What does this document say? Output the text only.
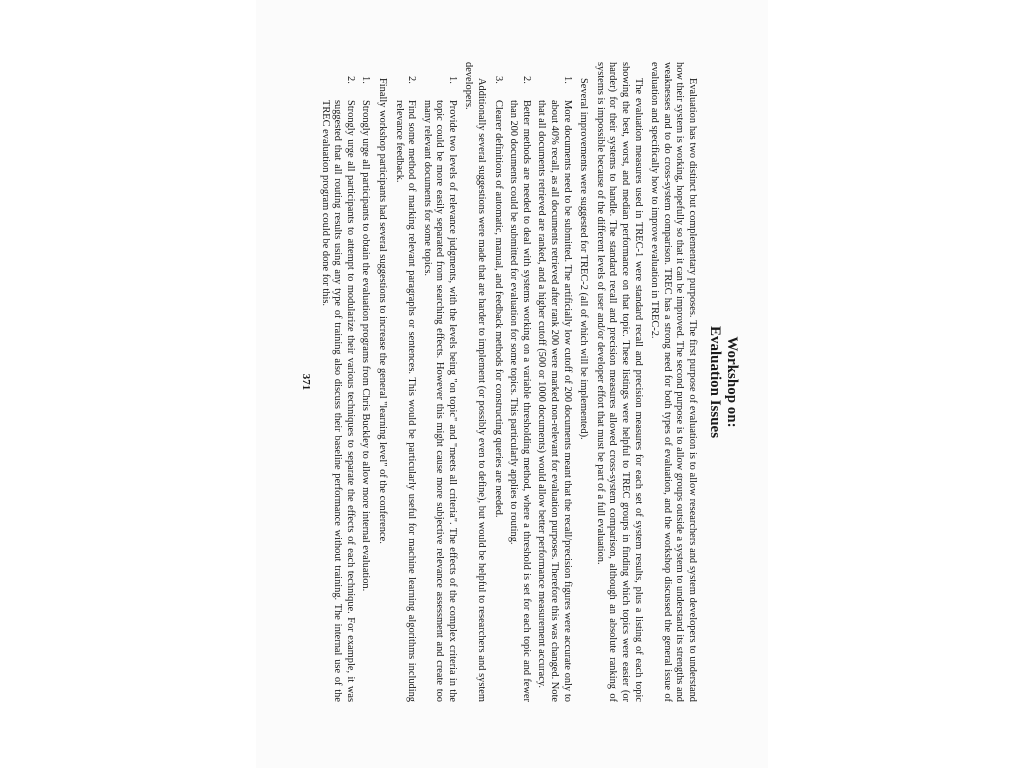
Workshop on:
Evaluation Issues

Evaluation has two distinct but complementary purposes. The first purpose of evaluation is to allow researchers and system developers to understand how their system is working, hopefully so that it can be improved. The second purpose is to allow groups outside a system to understand its strengths and weaknesses and to do cross-system comparison. TREC has a strong need for both types of evaluation, and the workshop discussed the general issue of evaluation and specifically how to improve evaluation in TREC-2.

The evaluation measures used in TREC-1 were standard recall and precision measures for each set of system results, plus a listing of each topic showing the best, worst, and median performance on that topic. These listings were helpful to TREC groups in finding which topics were easier (or harder) for their systems to handle. The standard recall and precision measures allowed cross-system comparison, although an absolute ranking of systems is impossible because of the different levels of user and/or developer effort that must be part of a full evaluation.

Several improvements were suggested for TREC-2 (all of which will be implemented).

1.
More documents need to be submitted. The artificially low cutoff of 200 documents meant that the recall/precision figures were accurate only to about 40% recall, as all documents retrieved after rank 200 were marked non-relevant for evaluation purposes. Therefore this was changed. Note that all documents retrieved are ranked, and a higher cutoff (500 or 1000 documents) would allow better performance measurement accuracy.
2.
Better methods are needed to deal with systems working on a variable thresholding method, where a threshold is set for each topic and fewer than 200 documents could be submitted for evaluation for some topics. This particularly applies to routing.
3.
Clearer definitions of automatic, manual, and feedback methods for constructing queries are needed.

Additionally several suggestions were made that are harder to implement (or possibly even to define), but would be helpful to researchers and system developers.

1.
Provide two levels of relevance judgments, with the levels being "on topic" and "meets all criteria". The effects of the complex criteria in the topic could be more easily separated from searching effects. However this might cause more subjective relevance assessment and create too many relevant documents for some topics.
2.
Find some method of marking relevant paragraphs or sentences. This would be particularly useful for machine learning algorithms including relevance feedback.

Finally workshop participants had several suggestions to increase the general "learning level" of the conference.

1.
Strongly urge all participants to obtain the evaluation programs from Chris Buckley to allow more internal evaluation.
2.
Strongly urge all participants to attempt to modularize their various techniques to separate the effects of each technique. For example, it was suggested that all routing results using any type of training also discuss their baseline performance without training. The internal use of the TREC evaluation program could be done for this.
371
